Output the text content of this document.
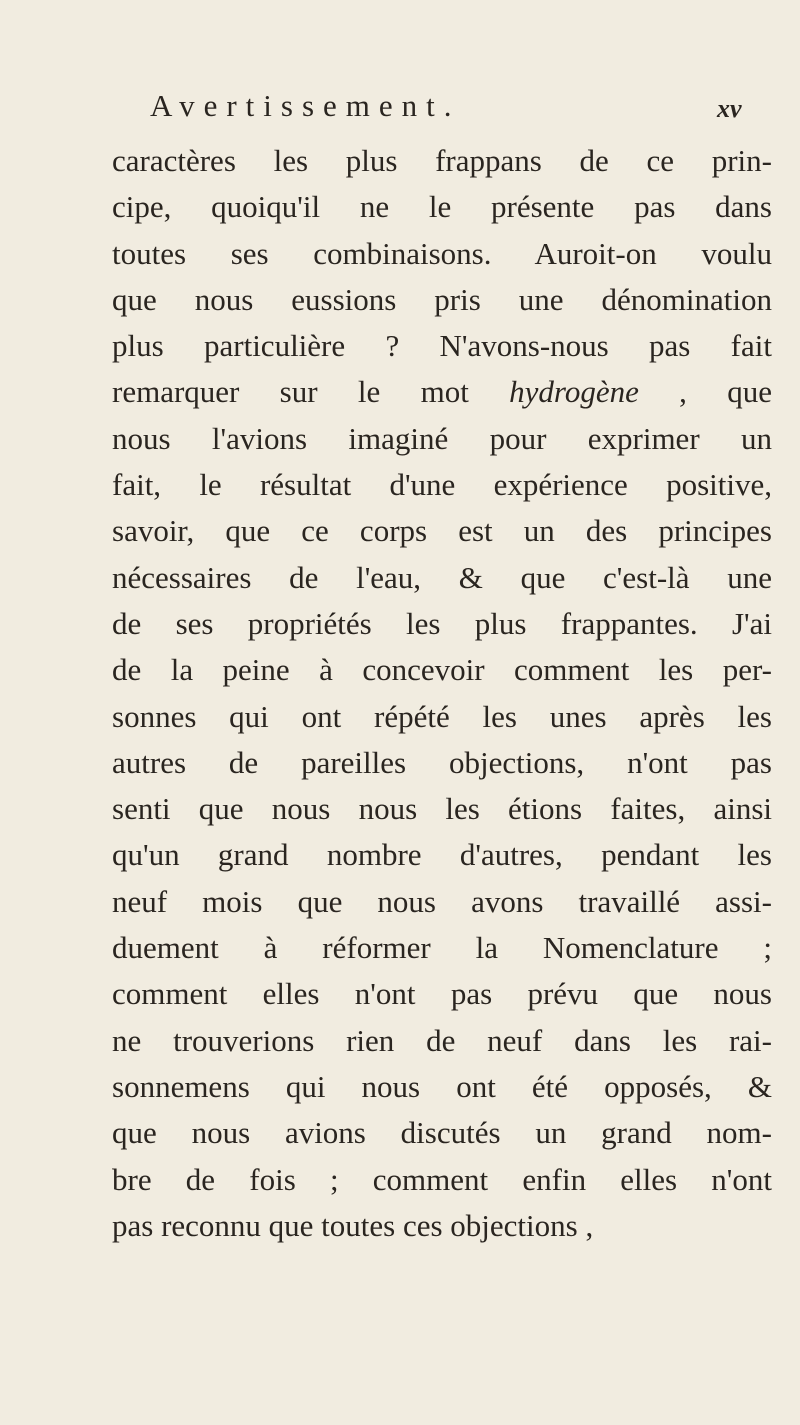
Avertissement.	xv
caractères les plus frappans de ce prin-
cipe, quoiqu'il ne le présente pas dans
toutes ses combinaisons. Auroit-on voulu
que nous eussions pris une dénomination
plus particulière ? N'avons-nous pas fait
remarquer sur le mot hydrogène , que
nous l'avions imaginé pour exprimer un
fait, le résultat d'une expérience positive,
savoir, que ce corps est un des principes
nécessaires de l'eau, & que c'est-là une
de ses propriétés les plus frappantes. J'ai
de la peine à concevoir comment les per-
sonnes qui ont répété les unes après les
autres de pareilles objections, n'ont pas
senti que nous nous les étions faites, ainsi
qu'un grand nombre d'autres, pendant les
neuf mois que nous avons travaillé assi-
duement à réformer la Nomenclature ;
comment elles n'ont pas prévu que nous
ne trouverions rien de neuf dans les rai-
sonnemens qui nous ont été opposés, &
que nous avions discutés un grand nom-
bre de fois ; comment enfin elles n'ont
pas reconnu que toutes ces objections ,
